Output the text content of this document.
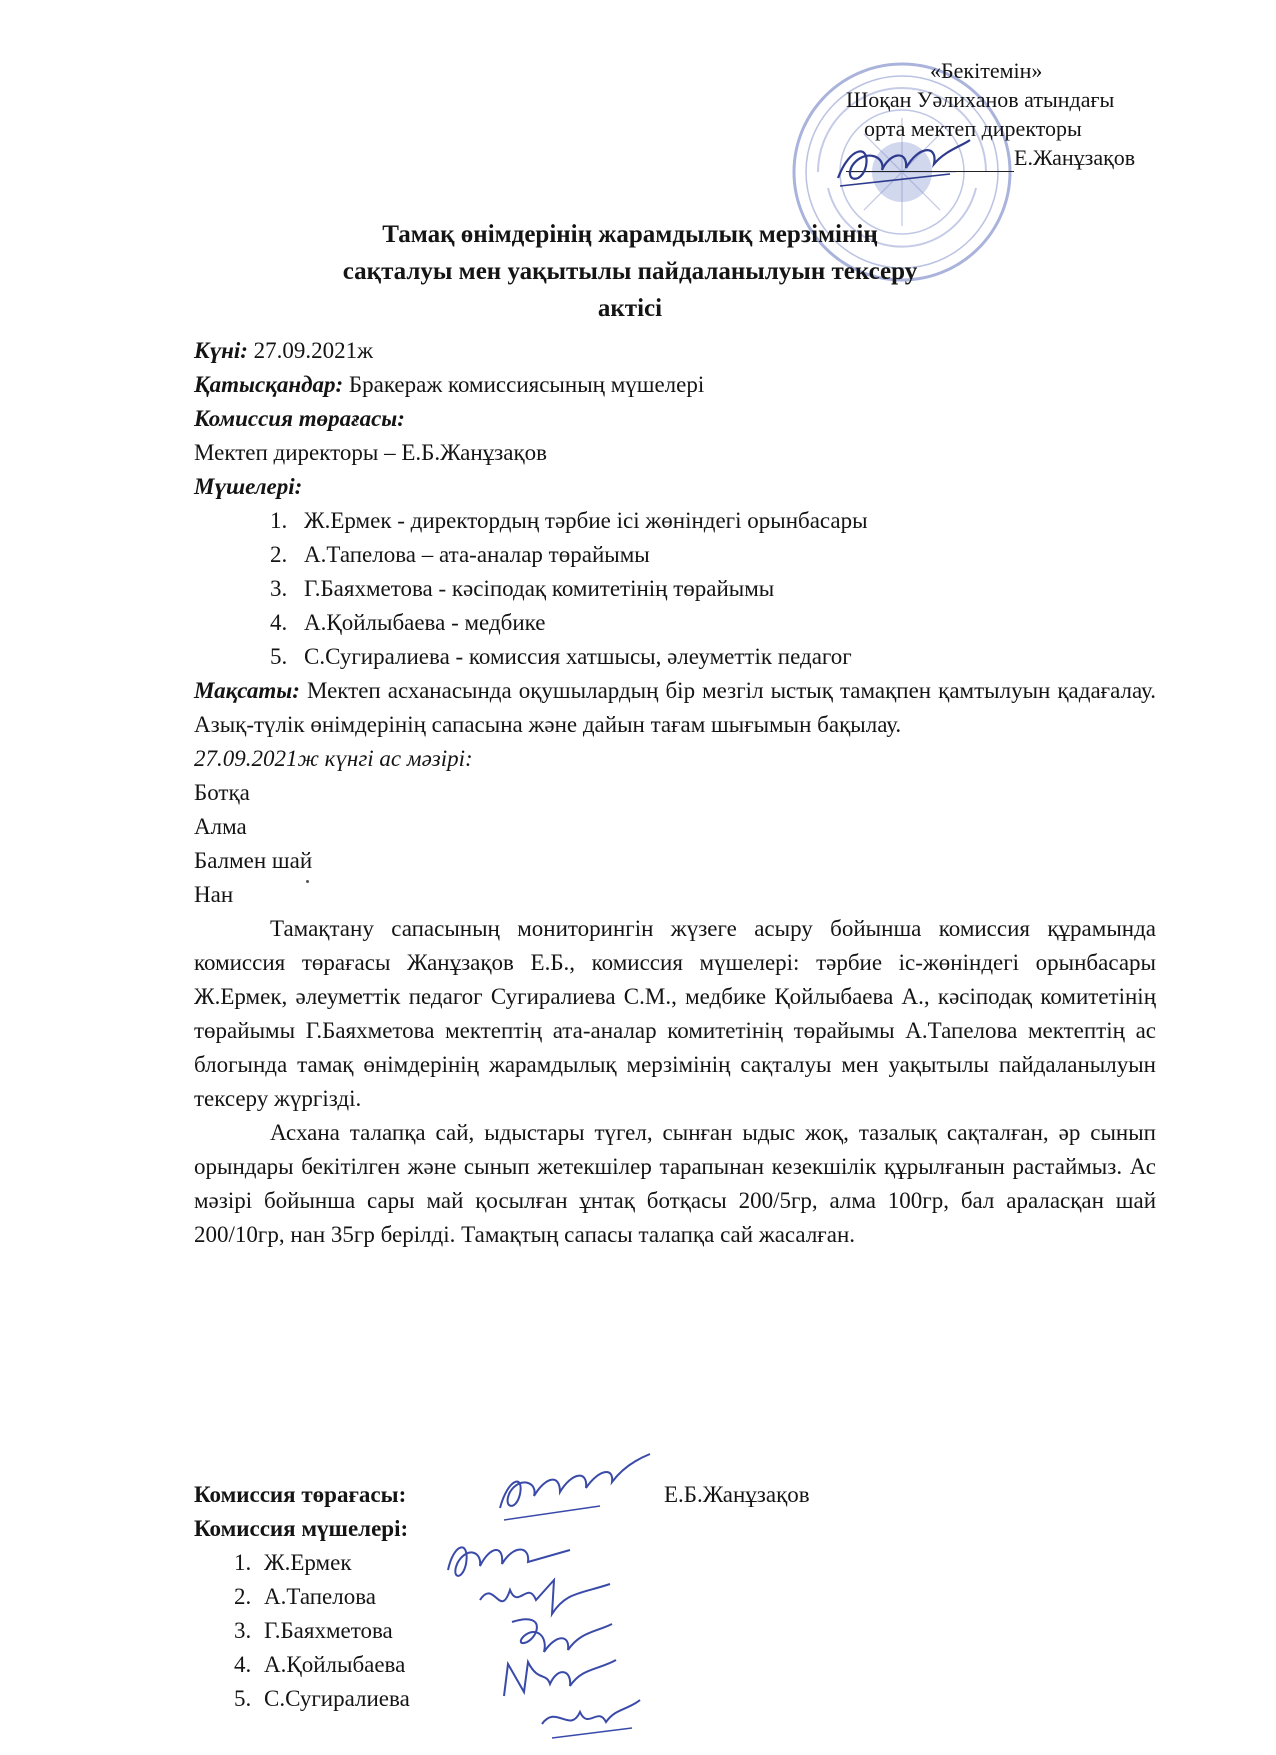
«Бекітемін»
Шоқан Уәлиханов атындағы
орта мектеп директоры
Е.Жанұзақов
Тамақ өнімдерінің жарамдылық мерзімінің
сақталуы мен уақытылы пайдаланылуын тексеру
актісі
Күні: 27.09.2021ж
Қатысқандар: Бракераж комиссиясының мүшелері
Комиссия төрағасы:
Мектеп директоры – Е.Б.Жанұзақов
Мүшелері:
1. Ж.Ермек - директордың тәрбие ісі жөніндегі орынбасары
2. А.Тапелова – ата-аналар төрайымы
3. Г.Баяхметова - кәсіподақ комитетінің төрайымы
4. А.Қойлыбаева - медбике
5. С.Сугиралиева - комиссия хатшысы, әлеуметтік педагог
Мақсаты: Мектеп асханасында оқушылардың бір мезгіл ыстық тамақпен қамтылуын қадағалау. Азық-түлік өнімдерінің сапасына және дайын тағам шығымын бақылау.
27.09.2021ж күнгі ас мәзірі:
Ботқа
Алма
Балмен шай
Нан
Тамақтану сапасының мониторингін жүзеге асыру бойынша комиссия құрамында комиссия төрағасы Жанұзақов Е.Б., комиссия мүшелері: тәрбие іс-жөніндегі орынбасары Ж.Ермек, әлеуметтік педагог Сугиралиева С.М., медбике Қойлыбаева А., кәсіподақ комитетінің төрайымы Г.Баяхметова мектептің ата-аналар комитетінің төрайымы А.Тапелова мектептің ас блогында тамақ өнімдерінің жарамдылық мерзімінің сақталуы мен уақытылы пайдаланылуын тексеру жүргізді.
Асхана талапқа сай, ыдыстары түгел, сынған ыдыс жоқ, тазалық сақталған, әр сынып орындары бекітілген және сынып жетекшілер тарапынан кезекшілік құрылғанын растаймыз. Ас мәзірі бойынша сары май қосылған ұнтақ ботқасы 200/5гр, алма 100гр, бал араласқан шай 200/10гр, нан 35гр берілді. Тамақтың сапасы талапқа сай жасалған.
Комиссия төрағасы:	Е.Б.Жанұзақов
Комиссия мүшелері:
1. Ж.Ермек
2. А.Тапелова
3. Г.Баяхметова
4. А.Қойлыбаева
5. С.Сугиралиева
